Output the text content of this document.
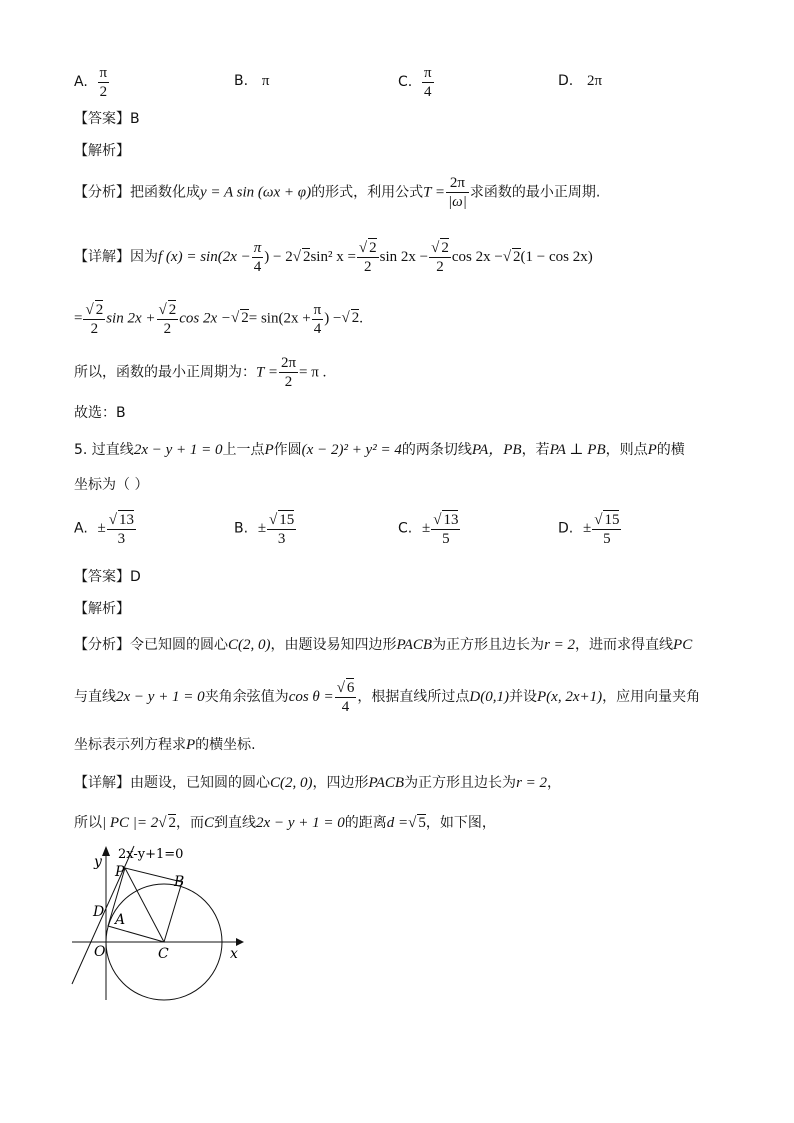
A. $\frac{\pi}{2}$	B. π	C. $\frac{\pi}{4}$	D. 2π
【答案】B
【解析】
【分析】把函数化成y = A sin (ωx + φ)的形式，利用公式$T = \frac{2\pi}{|\omega|}$ 求函数的最小正周期.
【详解】因为f $(x) = \sin(2x - \frac{\pi}{4}$ ) − 2√ 2sin² $x = \frac{√ 2}{2}$ $\sin 2x - \frac{√ 2}{2}$ cos 2x −√ 2(1 − cos 2x)
= $\frac{√ 2}{2}$ $\sin 2x + \frac{√ 2}{2}$ cos 2x −√ $2= \sin(2x + \frac{\pi}{4}$ ) −√ 2.
所以，函数的最小正周期为：$T = \frac{2\pi}{2} = \pi$ .
故选：B
5. 过直线2x − y + 1 = 0上一点P作圆(x − 2)² + y² = 4的两条切线PA，PB，若PA ⊥ PB，则点P的横
坐标为（ ）
A. ± $\frac{√ 13}{3}$	B. ± $\frac{√ 15}{3}$	C. ± $\frac{√ 13}{5}$	D. ± $\frac{√ 15}{5}$
【答案】D
【解析】
【分析】令已知圆的圆心C(2, 0)，由题设易知四边形PACB为正方形且边长为r = 2，进而求得直线PC
与直线2x − y + 1 = 0夹角余弦值为$\cos \theta = \frac{√ 6}{4}$ ，根据直线所过点D(0,1)并设P(x, 2x+1)，应用向量夹角
坐标表示列方程求P的横坐标.
【详解】由题设，已知圆的圆心C(2, 0)，四边形PACB为正方形且边长为r = 2，
所以| PC |= 2√ 2，而C到直线2x − y + 1 = 0的距离d =√ 5，如下图，
2x-y+1=0
y
x
P
B
D A
O	C
